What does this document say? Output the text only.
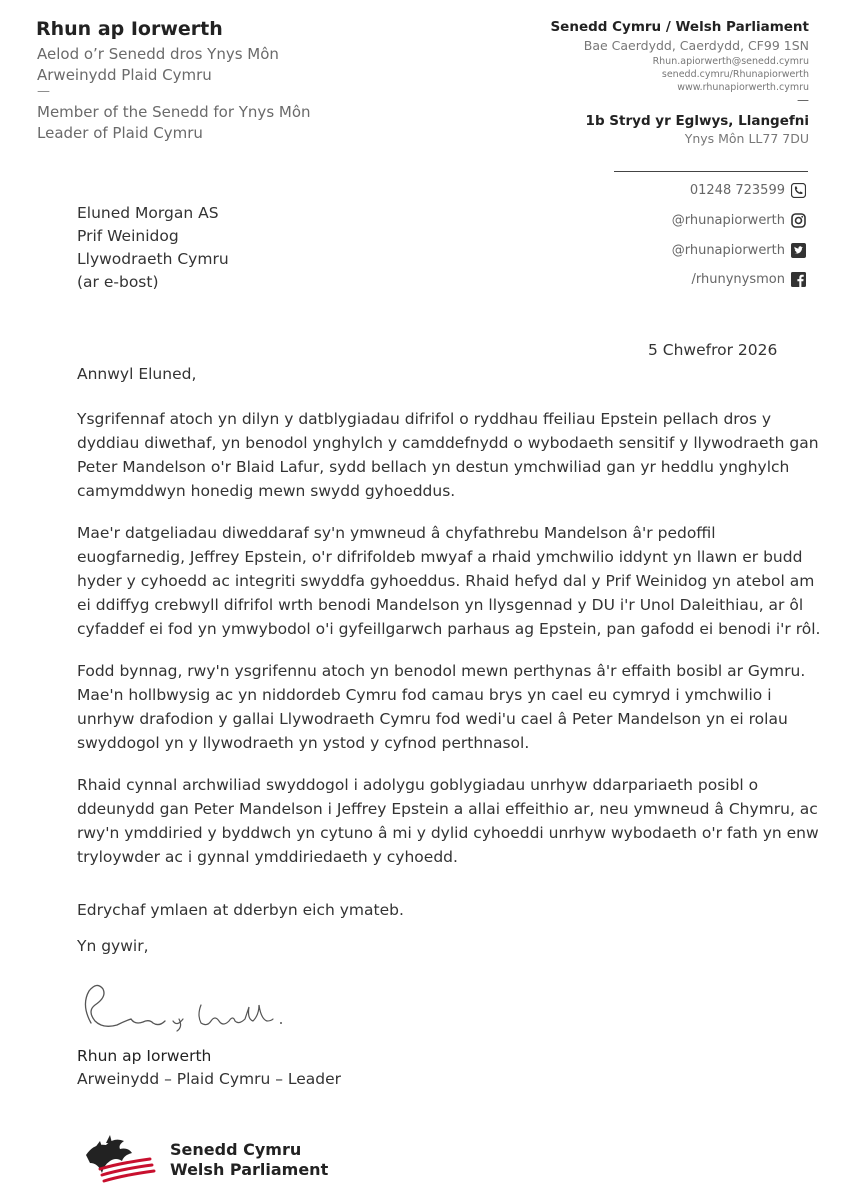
Rhun ap Iorwerth
Aelod o’r Senedd dros Ynys Môn
Arweinydd Plaid Cymru
—
Member of the Senedd for Ynys Môn
Leader of Plaid Cymru
Senedd Cymru / Welsh Parliament
Bae Caerdydd, Caerdydd, CF99 1SN
Rhun.apiorwerth@senedd.cymru
senedd.cymru/Rhunapiorwerth
www.rhunapiorwerth.cymru
—
1b Stryd yr Eglwys, Llangefni
Ynys Môn LL77 7DU
01248 723599
@rhunapiorwerth
@rhunapiorwerth
/rhunynysmon
Eluned Morgan AS
Prif Weinidog
Llywodraeth Cymru
(ar e-bost)
5 Chwefror 2026
Annwyl Eluned,
Ysgrifennaf atoch yn dilyn y datblygiadau difrifol o ryddhau ffeiliau Epstein pellach dros y
dyddiau diwethaf, yn benodol ynghylch y camddefnydd o wybodaeth sensitif y llywodraeth gan
Peter Mandelson o'r Blaid Lafur, sydd bellach yn destun ymchwiliad gan yr heddlu ynghylch
camymddwyn honedig mewn swydd gyhoeddus.
Mae'r datgeliadau diweddaraf sy'n ymwneud â chyfathrebu Mandelson â'r pedoffil
euogfarnedig, Jeffrey Epstein, o'r difrifoldeb mwyaf a rhaid ymchwilio iddynt yn llawn er budd
hyder y cyhoedd ac integriti swyddfa gyhoeddus. Rhaid hefyd dal y Prif Weinidog yn atebol am
ei ddiffyg crebwyll difrifol wrth benodi Mandelson yn llysgennad y DU i'r Unol Daleithiau, ar ôl
cyfaddef ei fod yn ymwybodol o'i gyfeillgarwch parhaus ag Epstein, pan gafodd ei benodi i'r rôl.
Fodd bynnag, rwy'n ysgrifennu atoch yn benodol mewn perthynas â'r effaith bosibl ar Gymru.
Mae'n hollbwysig ac yn niddordeb Cymru fod camau brys yn cael eu cymryd i ymchwilio i
unrhyw drafodion y gallai Llywodraeth Cymru fod wedi'u cael â Peter Mandelson yn ei rolau
swyddogol yn y llywodraeth yn ystod y cyfnod perthnasol.
Rhaid cynnal archwiliad swyddogol i adolygu goblygiadau unrhyw ddarpariaeth posibl o
ddeunydd gan Peter Mandelson i Jeffrey Epstein a allai effeithio ar, neu ymwneud â Chymru, ac
rwy'n ymddiried y byddwch yn cytuno â mi y dylid cyhoeddi unrhyw wybodaeth o'r fath yn enw
tryloywder ac i gynnal ymddiriedaeth y cyhoedd.
Edrychaf ymlaen at dderbyn eich ymateb.
Yn gywir,
Rhun ap Iorwerth
Arweinydd – Plaid Cymru – Leader
Senedd Cymru
Welsh Parliament
